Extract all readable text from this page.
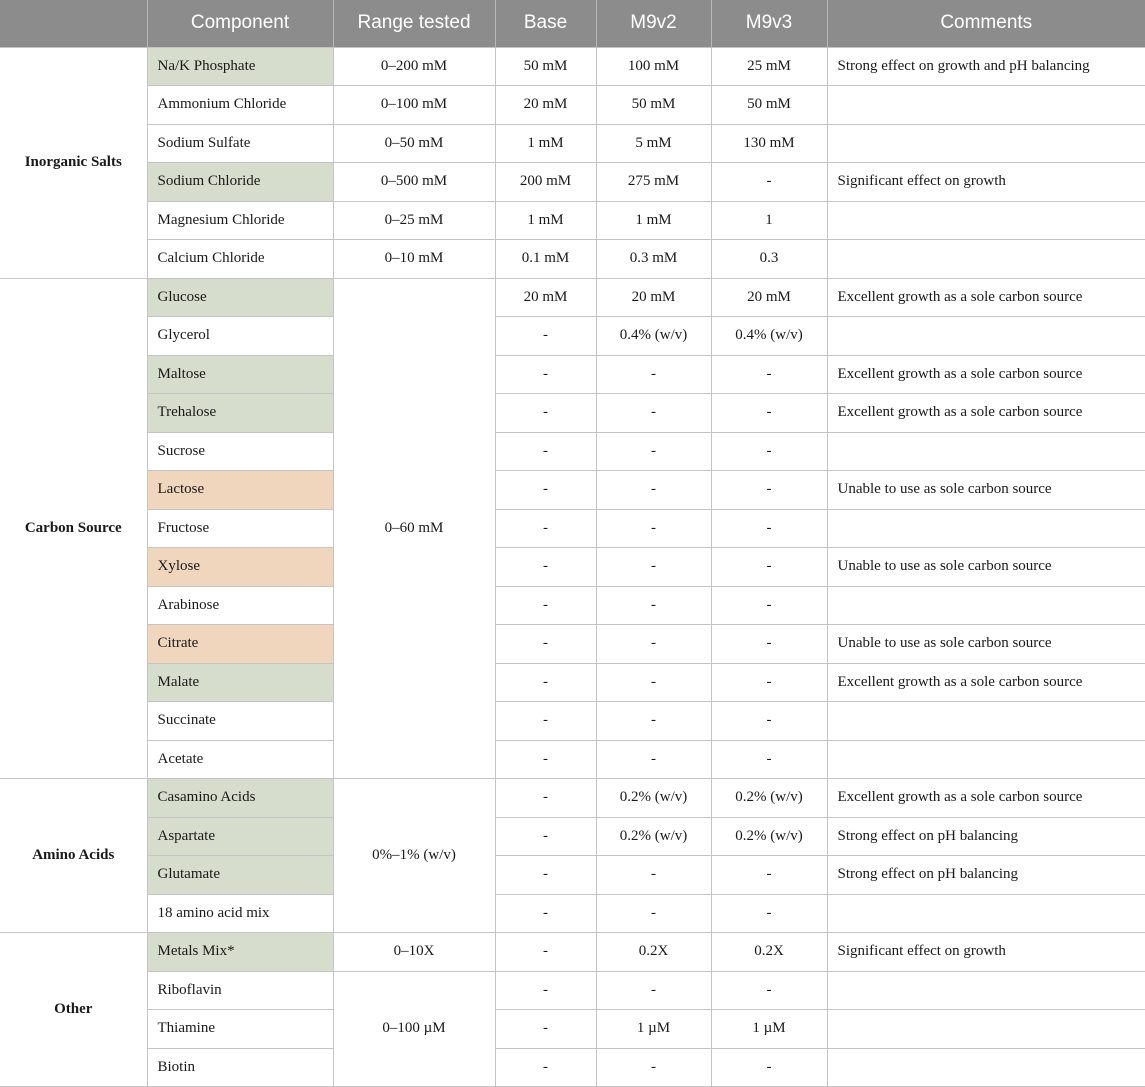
	Component	Range tested	Base	M9v2	M9v3	Comments
Inorganic Salts	Na/K Phosphate	0–200 mM	50 mM	100 mM	25 mM	Strong effect on growth and pH balancing
	Ammonium Chloride	0–100 mM	20 mM	50 mM	50 mM	
	Sodium Sulfate	0–50 mM	1 mM	5 mM	130 mM	
	Sodium Chloride	0–500 mM	200 mM	275 mM	-	Significant effect on growth
	Magnesium Chloride	0–25 mM	1 mM	1 mM	1	
	Calcium Chloride	0–10 mM	0.1 mM	0.3 mM	0.3	
Carbon Source	Glucose	0–60 mM	20 mM	20 mM	20 mM	Excellent growth as a sole carbon source
	Glycerol		-	0.4% (w/v)	0.4% (w/v)	
	Maltose		-	-	-	Excellent growth as a sole carbon source
	Trehalose		-	-	-	Excellent growth as a sole carbon source
	Sucrose		-	-	-	
	Lactose		-	-	-	Unable to use as sole carbon source
	Fructose		-	-	-	
	Xylose		-	-	-	Unable to use as sole carbon source
	Arabinose		-	-	-	
	Citrate		-	-	-	Unable to use as sole carbon source
	Malate		-	-	-	Excellent growth as a sole carbon source
	Succinate		-	-	-	
	Acetate		-	-	-	
Amino Acids	Casamino Acids	0%–1% (w/v)	-	0.2% (w/v)	0.2% (w/v)	Excellent growth as a sole carbon source
	Aspartate		-	0.2% (w/v)	0.2% (w/v)	Strong effect on pH balancing
	Glutamate		-	-	-	Strong effect on pH balancing
	18 amino acid mix		-	-	-	
Other	Metals Mix*	0–10X	-	0.2X	0.2X	Significant effect on growth
	Riboflavin	0–100 µM	-	-	-	
	Thiamine		-	1 µM	1 µM	
	Biotin		-	-	-	
